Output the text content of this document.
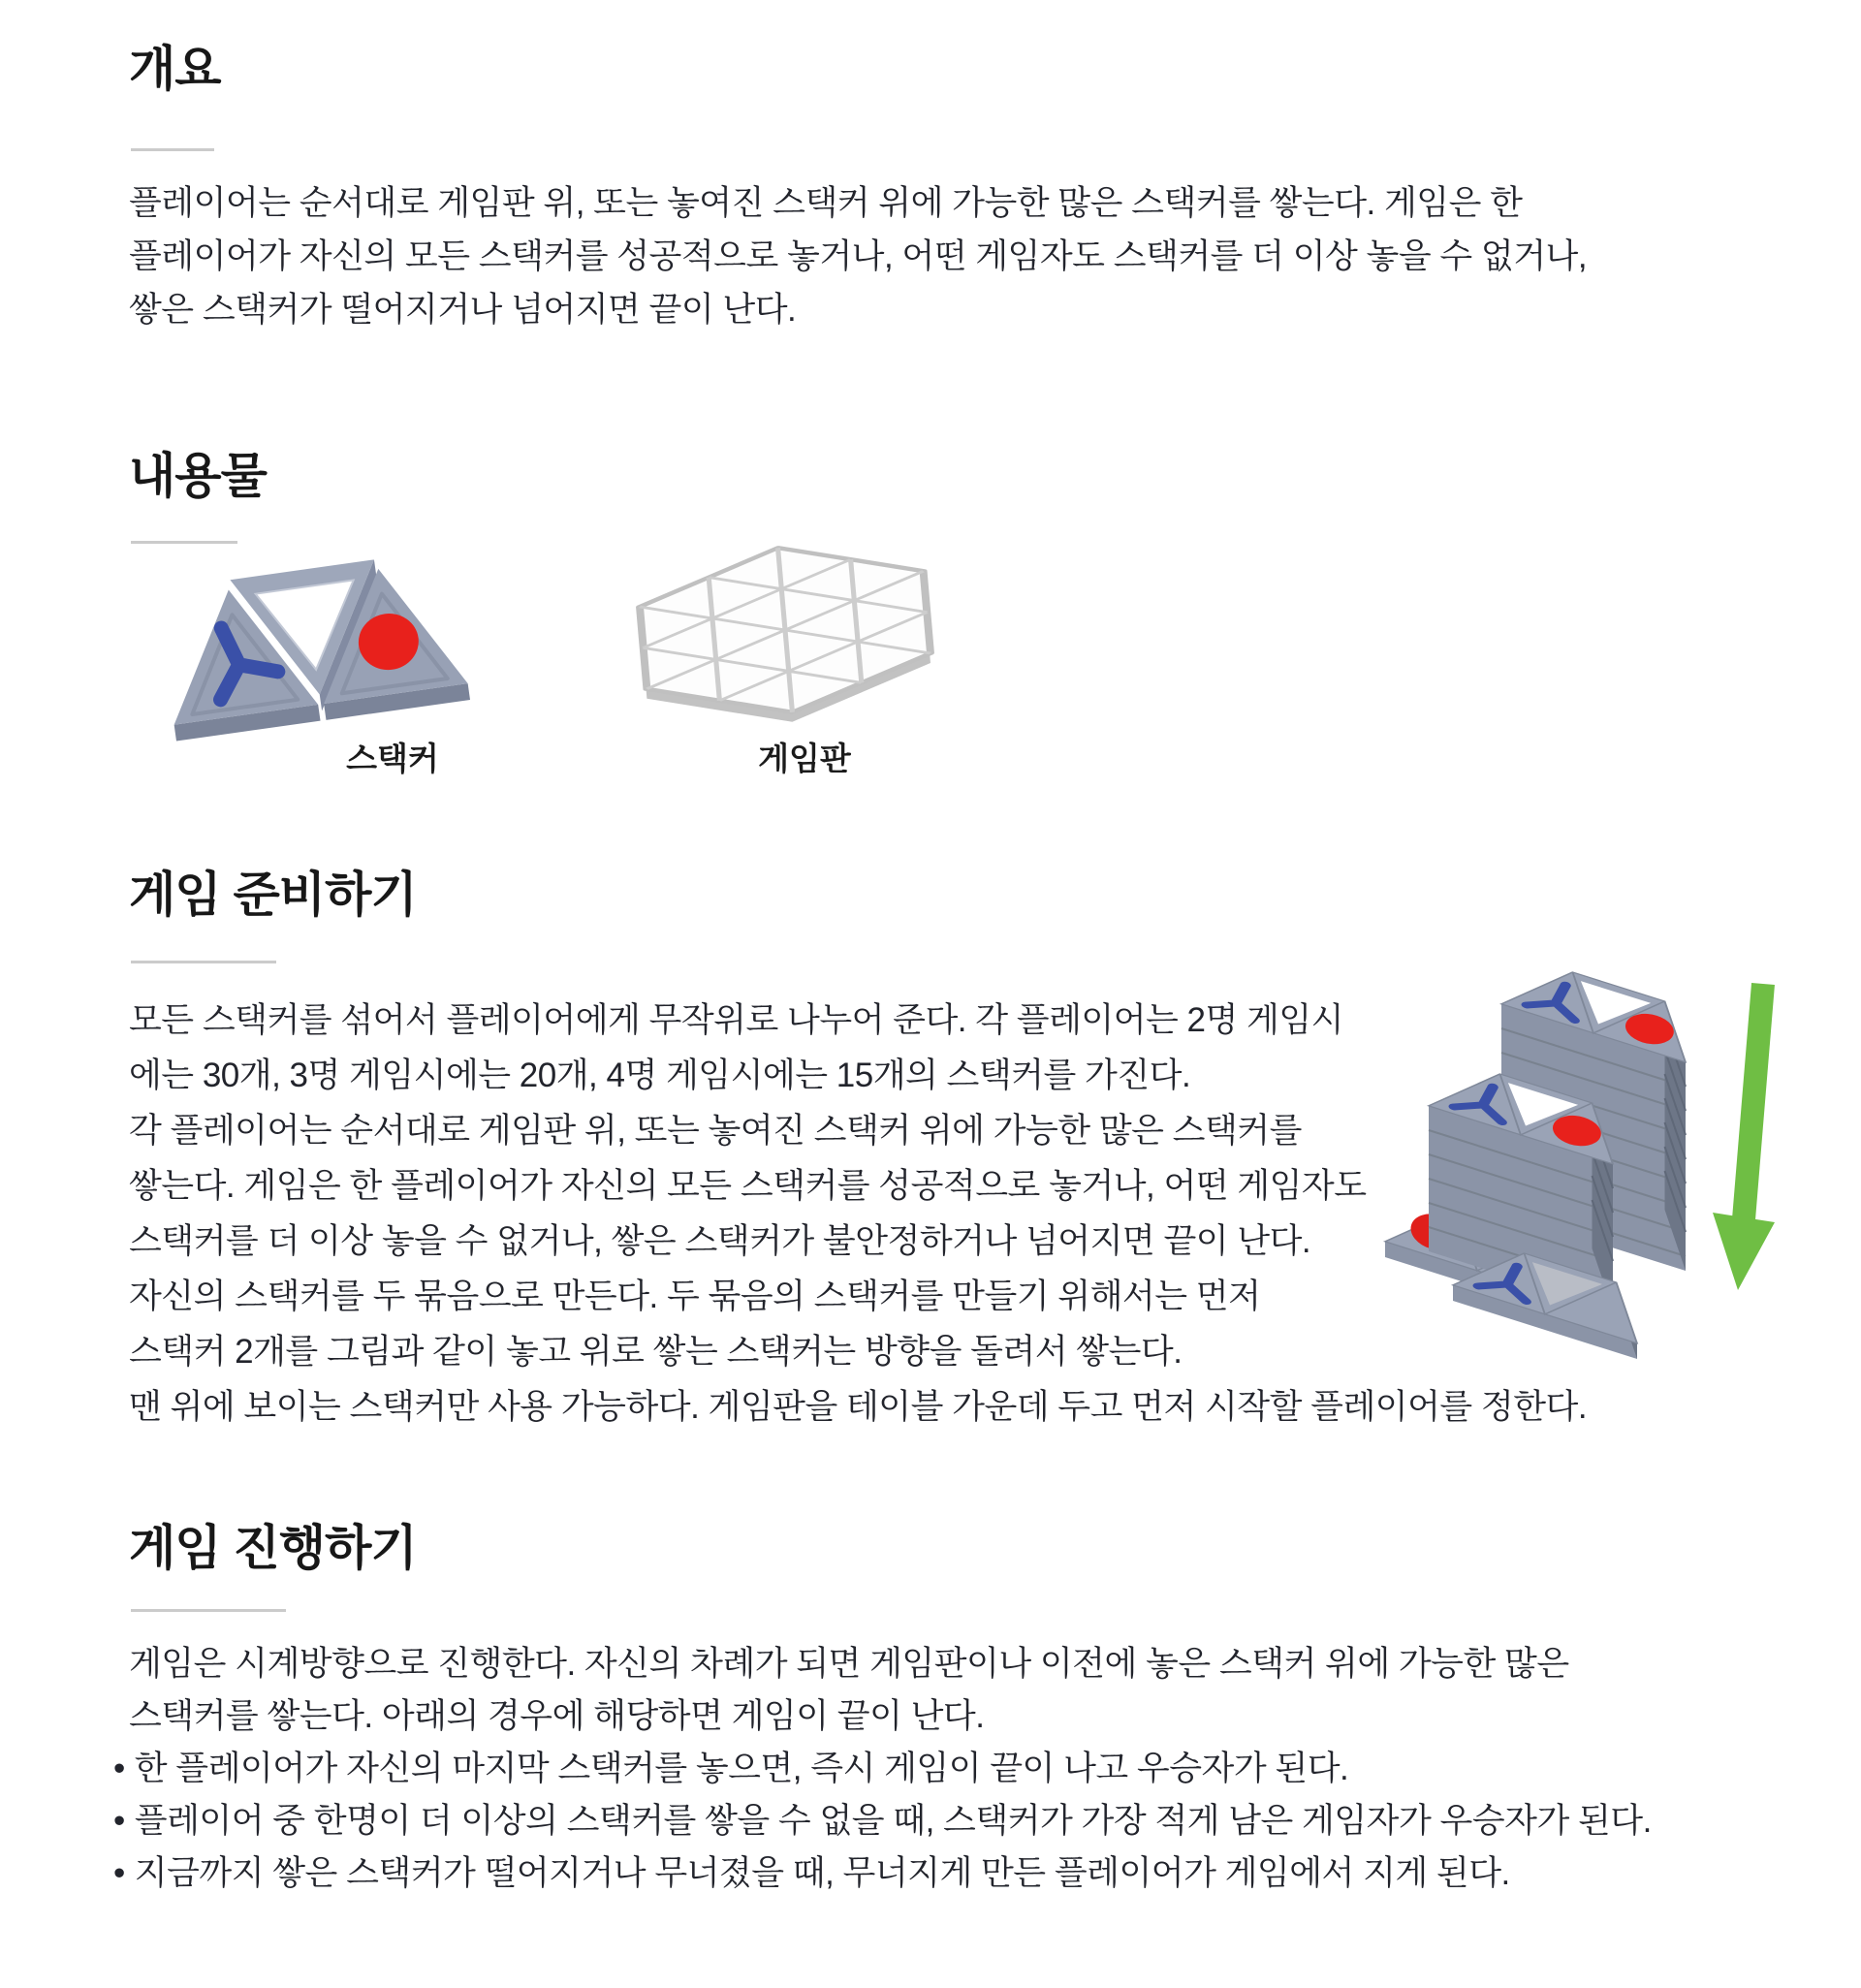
개요
플레이어는 순서대로 게임판 위, 또는 놓여진 스택커 위에 가능한 많은 스택커를 쌓는다. 게임은 한
플레이어가 자신의 모든 스택커를 성공적으로 놓거나, 어떤 게임자도 스택커를 더 이상 놓을 수 없거나,
쌓은 스택커가 떨어지거나 넘어지면 끝이 난다.
내용물
스택커	게임판
게임 준비하기
모든 스택커를 섞어서 플레이어에게 무작위로 나누어 준다. 각 플레이어는 2명 게임시
에는 30개, 3명 게임시에는 20개, 4명 게임시에는 15개의 스택커를 가진다.
각 플레이어는 순서대로 게임판 위, 또는 놓여진 스택커 위에 가능한 많은 스택커를
쌓는다. 게임은 한 플레이어가 자신의 모든 스택커를 성공적으로 놓거나, 어떤 게임자도
스택커를 더 이상 놓을 수 없거나, 쌓은 스택커가 불안정하거나 넘어지면 끝이 난다.
자신의 스택커를 두 묶음으로 만든다. 두 묶음의 스택커를 만들기 위해서는 먼저
스택커 2개를 그림과 같이 놓고 위로 쌓는 스택커는 방향을 돌려서 쌓는다.
맨 위에 보이는 스택커만 사용 가능하다. 게임판을 테이블 가운데 두고 먼저 시작할 플레이어를 정한다.
게임 진행하기
게임은 시계방향으로 진행한다. 자신의 차례가 되면 게임판이나 이전에 놓은 스택커 위에 가능한 많은
스택커를 쌓는다. 아래의 경우에 해당하면 게임이 끝이 난다.
• 한 플레이어가 자신의 마지막 스택커를 놓으면, 즉시 게임이 끝이 나고 우승자가 된다.
• 플레이어 중 한명이 더 이상의 스택커를 쌓을 수 없을 때, 스택커가 가장 적게 남은 게임자가 우승자가 된다.
• 지금까지 쌓은 스택커가 떨어지거나 무너졌을 때, 무너지게 만든 플레이어가 게임에서 지게 된다.
